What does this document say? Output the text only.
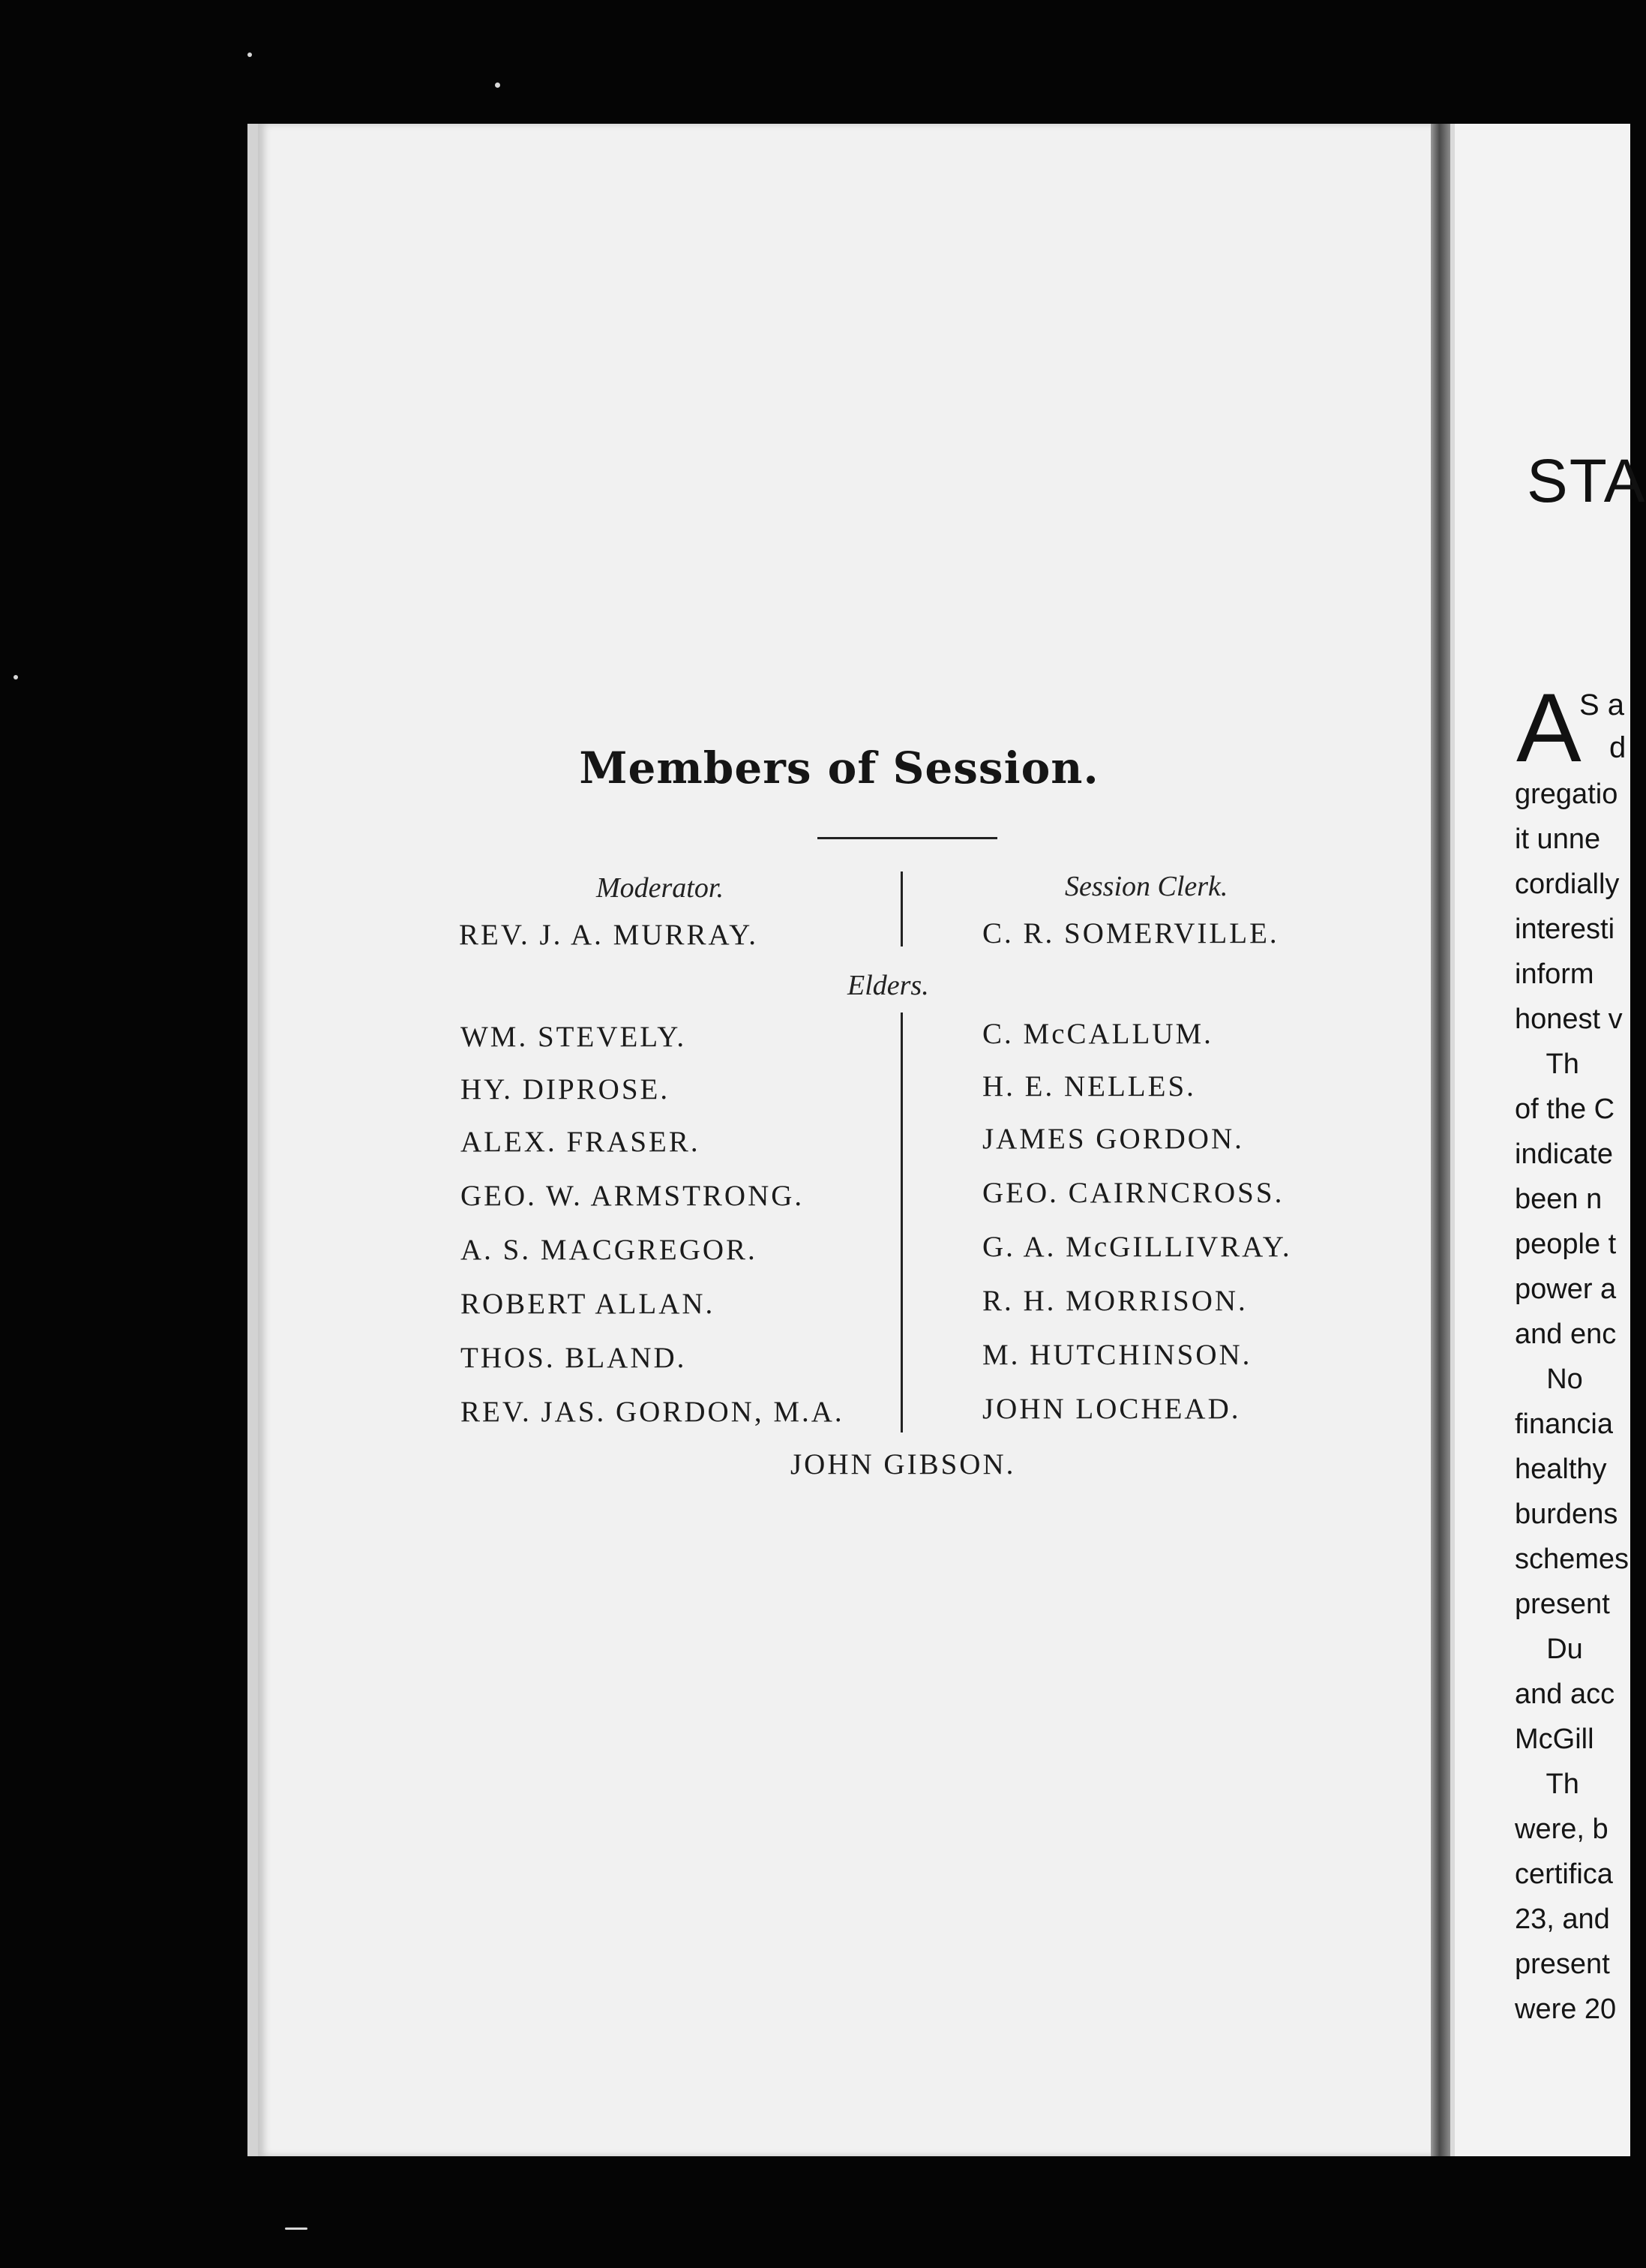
Members of Session.
Moderator.
REV. J. A. MURRAY.
Session Clerk.
C. R. SOMERVILLE.
Elders.
WM. STEVELY.
HY. DIPROSE.
ALEX. FRASER.
GEO. W. ARMSTRONG.
A. S. MACGREGOR.
ROBERT ALLAN.
THOS. BLAND.
REV. JAS. GORDON, M.A.
C. McCALLUM.
H. E. NELLES.
JAMES GORDON.
GEO. CAIRNCROSS.
G. A. McGILLIVRAY.
R. H. MORRISON.
M. HUTCHINSON.
JOHN LOCHEAD.
JOHN GIBSON.
STA
A
S a
d
gregatio
it unne
cordially
interesti
inform
honest v
Th
of the C
indicate
been n
people t
power a
and enc
No
financia
healthy
burdens
schemes
present
Du
and acc
McGill
Th
were, b
certifica
23, and
present
were 20
